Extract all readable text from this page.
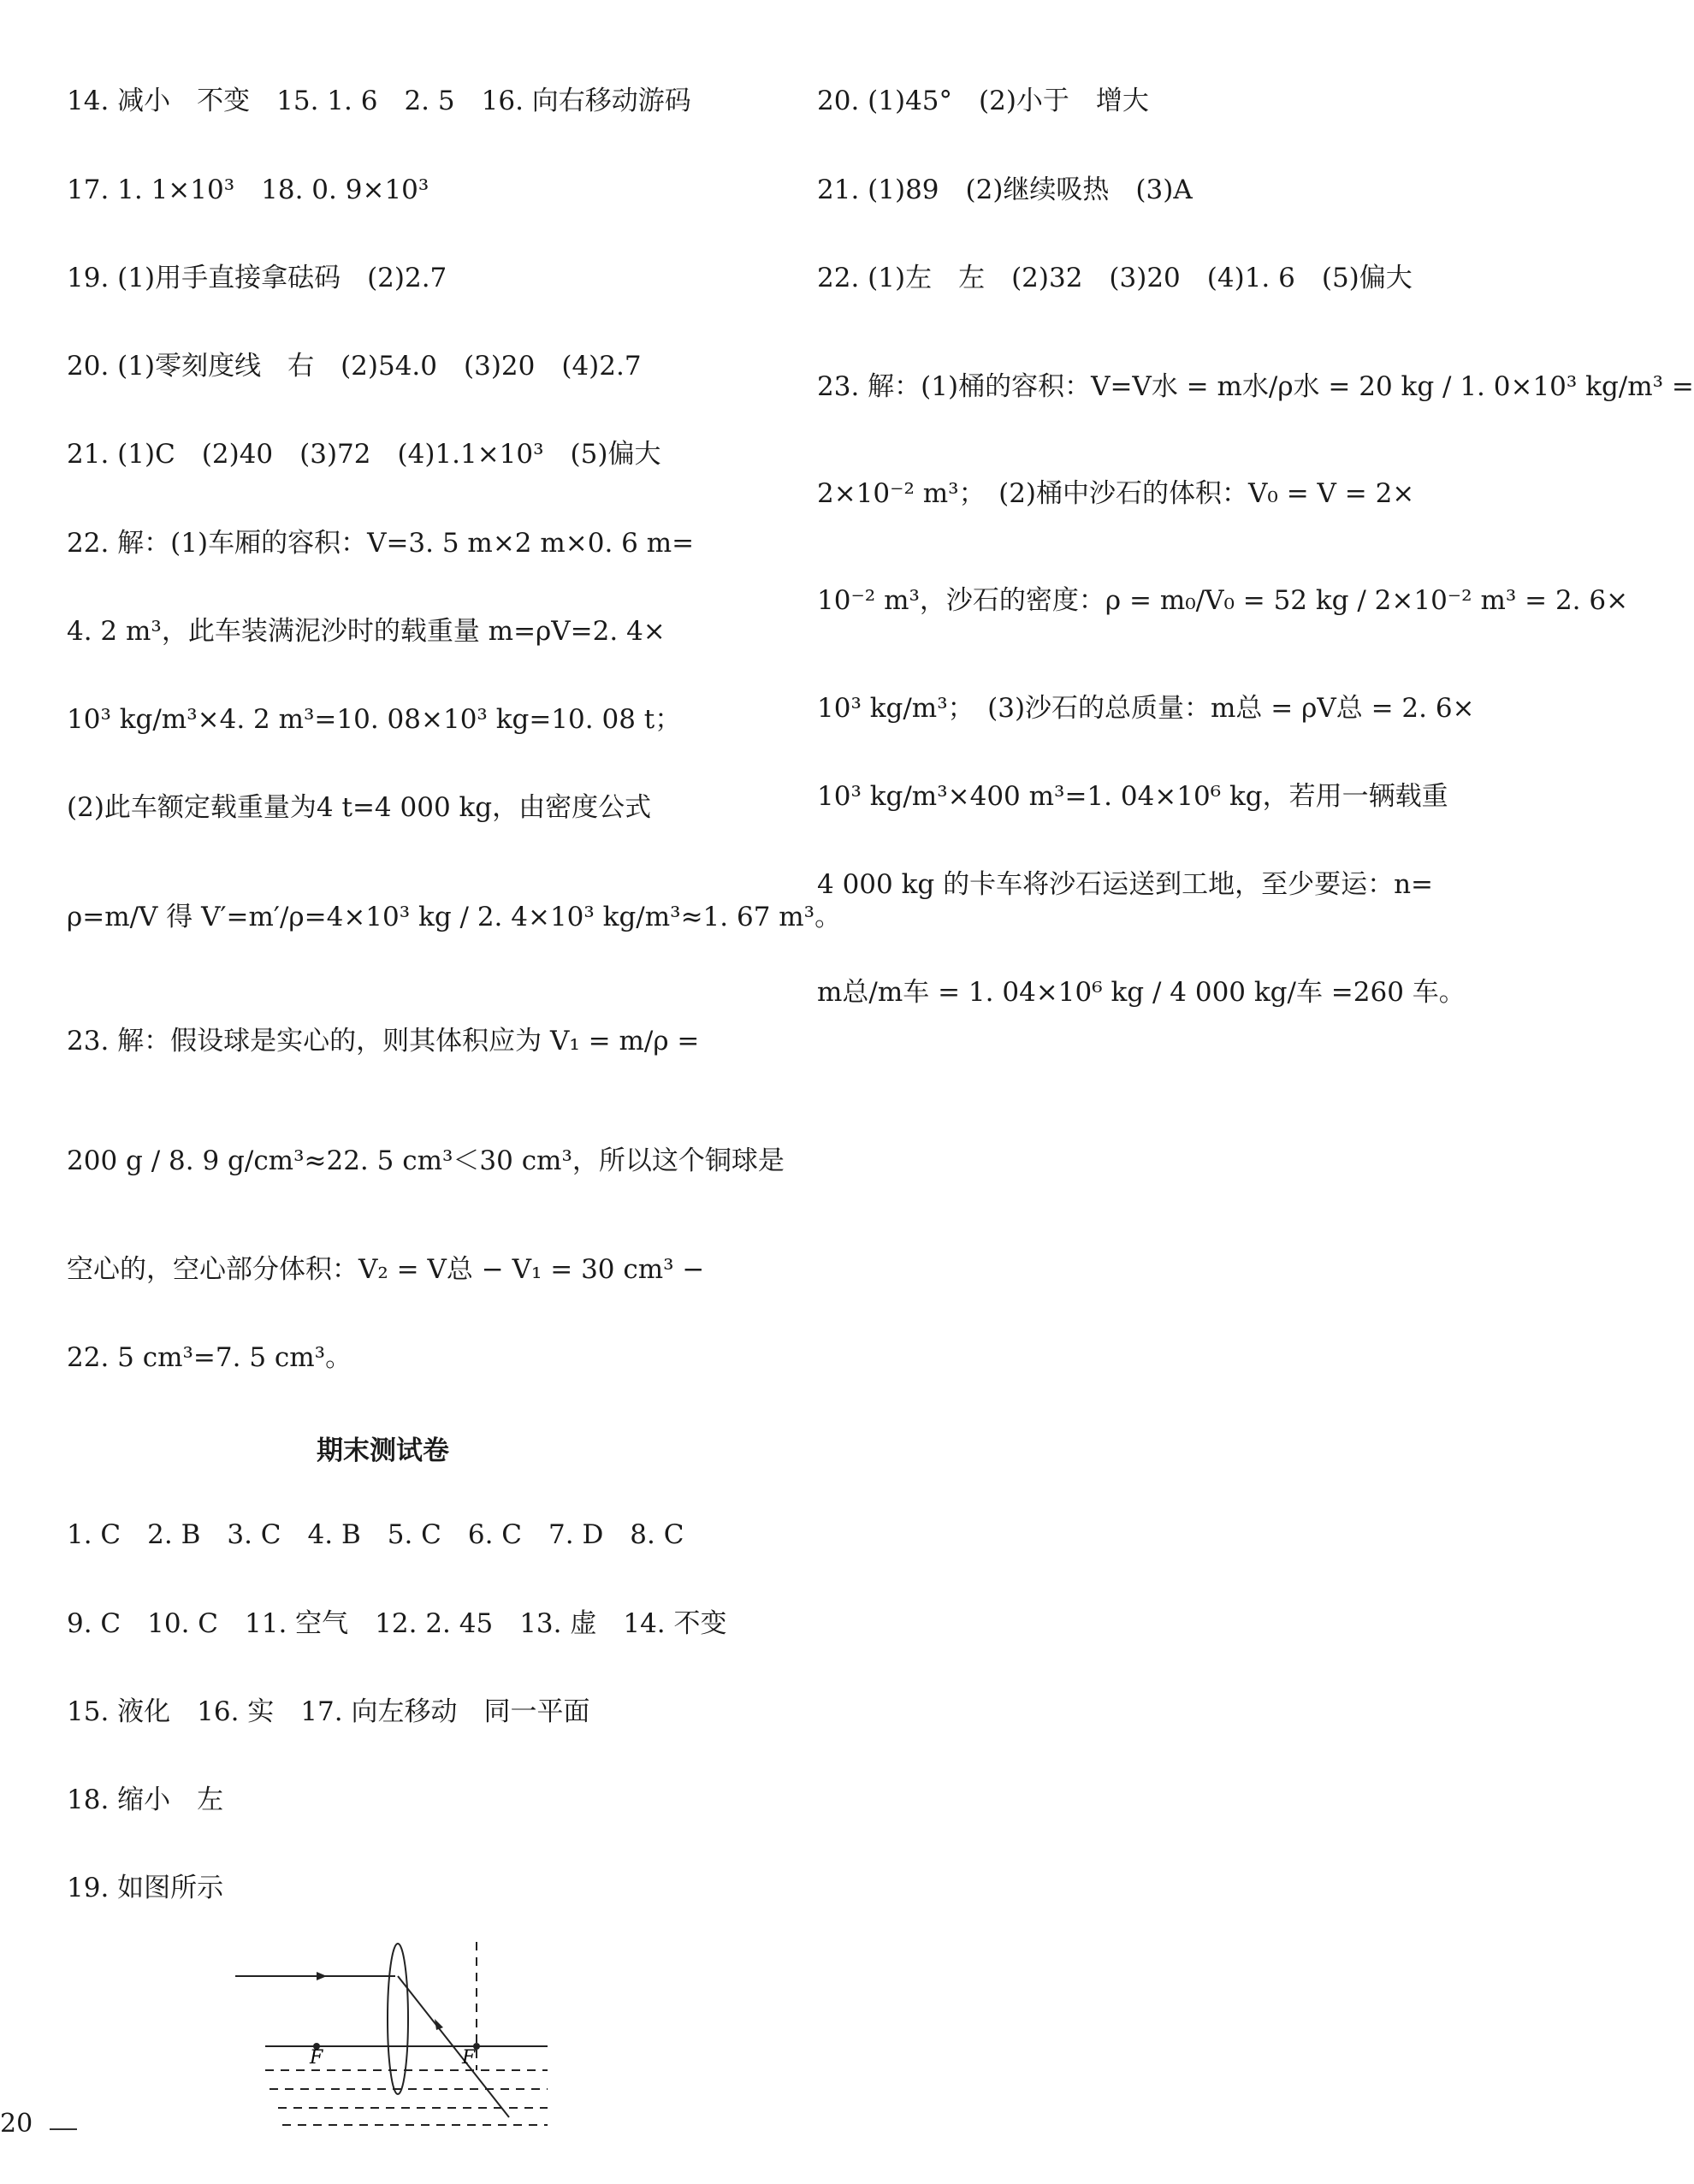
14. 减小　不变　15. 1. 6　2. 5　16. 向右移动游码
17. 1. 1×10³　18. 0. 9×10³
19. (1)用手直接拿砝码　(2)2.7
20. (1)零刻度线　右　(2)54.0　(3)20　(4)2.7
21. (1)C　(2)40　(3)72　(4)1.1×10³　(5)偏大
22. 解：(1)车厢的容积：V=3. 5 m×2 m×0. 6 m=
4. 2 m³，此车装满泥沙时的载重量 m=ρV=2. 4×
10³ kg/m³×4. 2 m³=10. 08×10³ kg=10. 08 t；
(2)此车额定载重量为4 t=4 000 kg，由密度公式
ρ=m/V 得 V′=m′/ρ=4×10³ kg / 2. 4×10³ kg/m³≈1. 67 m³。
23. 解：假设球是实心的，则其体积应为 V₁ = m/ρ =
200 g / 8. 9 g/cm³≈22. 5 cm³＜30 cm³，所以这个铜球是
空心的，空心部分体积：V₂ = V总 − V₁ = 30 cm³ −
22. 5 cm³=7. 5 cm³。
期末测试卷
1. C　2. B　3. C　4. B　5. C　6. C　7. D　8. C
9. C　10. C　11. 空气　12. 2. 45　13. 虚　14. 不变
15. 液化　16. 实　17. 向左移动　同一平面
18. 缩小　左
19. 如图所示
F	F
20. (1)45°　(2)小于　增大
21. (1)89　(2)继续吸热　(3)A
22. (1)左　左　(2)32　(3)20　(4)1. 6　(5)偏大
23. 解：(1)桶的容积：V=V水 = m水/ρ水 = 20 kg / 1. 0×10³ kg/m³ =
2×10⁻² m³；　(2)桶中沙石的体积：V₀ = V = 2×
10⁻² m³，沙石的密度：ρ = m₀/V₀ = 52 kg / 2×10⁻² m³ = 2. 6×
10³ kg/m³；　(3)沙石的总质量：m总 = ρV总 = 2. 6×
10³ kg/m³×400 m³=1. 04×10⁶ kg，若用一辆载重
4 000 kg 的卡车将沙石运送到工地，至少要运：n=
m总/m车 = 1. 04×10⁶ kg / 4 000 kg/车 =260 车。
20
